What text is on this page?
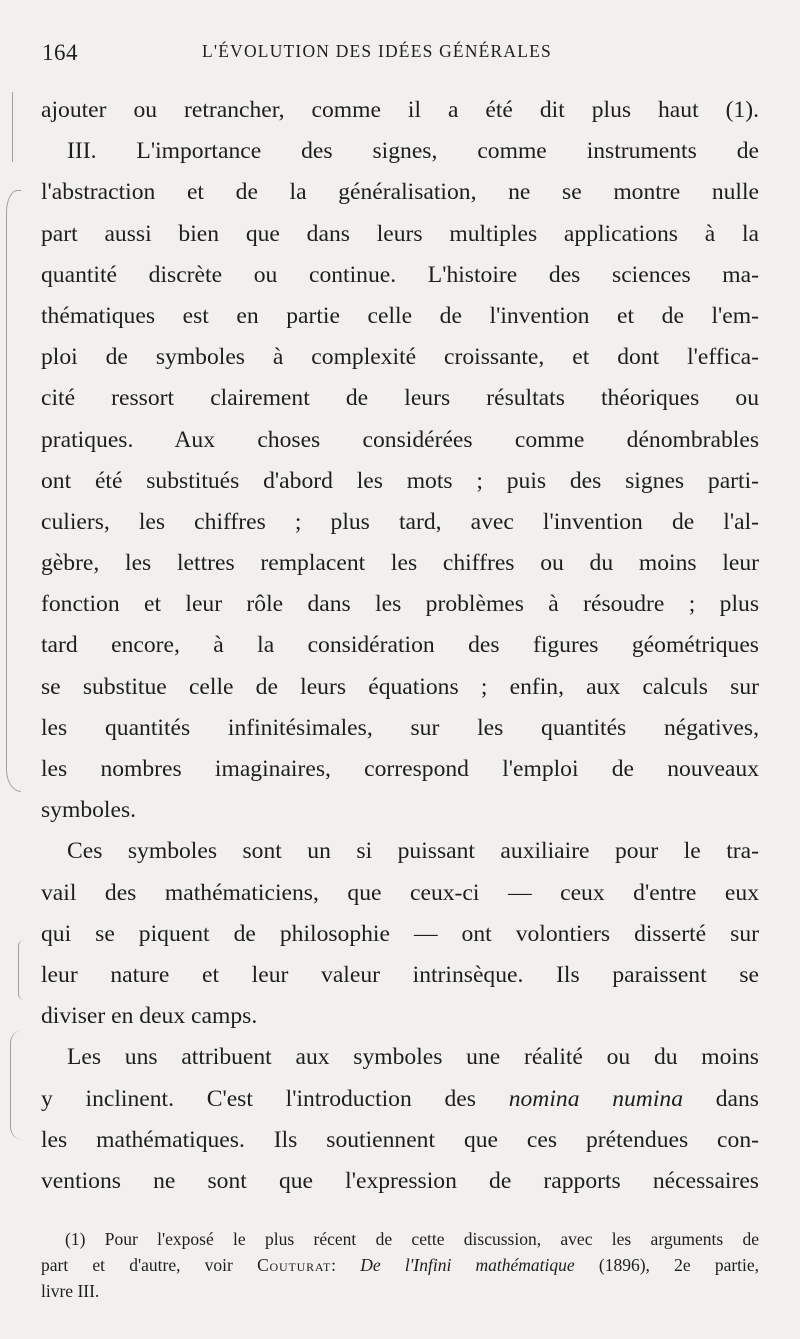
164	L'ÉVOLUTION DES IDÉES GÉNÉRALES
ajouter ou retrancher, comme il a été dit plus haut (1).
III. L'importance des signes, comme instruments de
l'abstraction et de la généralisation, ne se montre nulle
part aussi bien que dans leurs multiples applications à la
quantité discrète ou continue. L'histoire des sciences ma-
thématiques est en partie celle de l'invention et de l'em-
ploi de symboles à complexité croissante, et dont l'effica-
cité ressort clairement de leurs résultats théoriques ou
pratiques. Aux choses considérées comme dénombrables
ont été substitués d'abord les mots ; puis des signes parti-
culiers, les chiffres ; plus tard, avec l'invention de l'al-
gèbre, les lettres remplacent les chiffres ou du moins leur
fonction et leur rôle dans les problèmes à résoudre ; plus
tard encore, à la considération des figures géométriques
se substitue celle de leurs équations ; enfin, aux calculs sur
les quantités infinitésimales, sur les quantités négatives,
les nombres imaginaires, correspond l'emploi de nouveaux
symboles.
Ces symboles sont un si puissant auxiliaire pour le tra-
vail des mathématiciens, que ceux-ci — ceux d'entre eux
qui se piquent de philosophie — ont volontiers disserté sur
leur nature et leur valeur intrinsèque. Ils paraissent se
diviser en deux camps.
Les uns attribuent aux symboles une réalité ou du moins
y inclinent. C'est l'introduction des nomina numina dans
les mathématiques. Ils soutiennent que ces prétendues con-
ventions ne sont que l'expression de rapports nécessaires
(1) Pour l'exposé le plus récent de cette discussion, avec les arguments de
part et d'autre, voir Couturat: De l'Infini mathématique (1896), 2e partie,
livre III.
